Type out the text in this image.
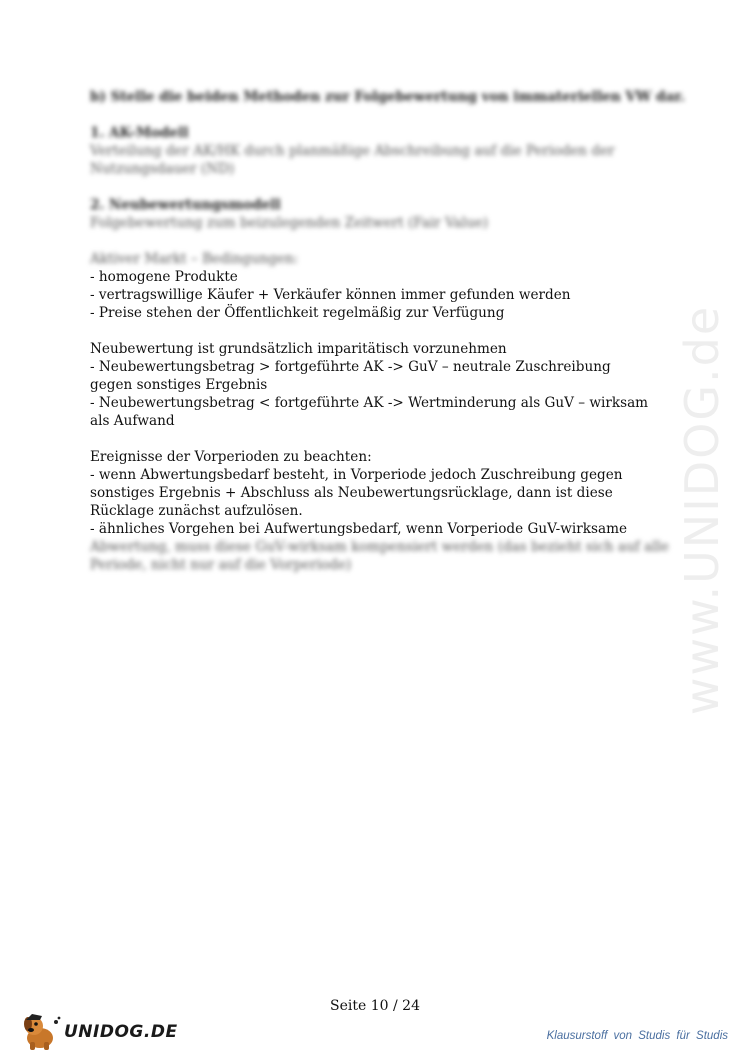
b) Stelle die beiden Methoden zur Folgebewertung von immateriellen VW dar.
1. AK-Modell
Verteilung der AK/HK durch planmäßige Abschreibung auf die Perioden der
Nutzungsdauer (ND)
2. Neubewertungsmodell
Folgebewertung zum beizulegenden Zeitwert (Fair Value)
Aktiver Markt – Bedingungen:
- homogene Produkte
- vertragswillige Käufer + Verkäufer können immer gefunden werden
- Preise stehen der Öffentlichkeit regelmäßig zur Verfügung
Neubewertung ist grundsätzlich imparitätisch vorzunehmen
- Neubewertungsbetrag > fortgeführte AK -> GuV – neutrale Zuschreibung gegen sonstiges Ergebnis
- Neubewertungsbetrag < fortgeführte AK -> Wertminderung als GuV – wirksam als Aufwand
Ereignisse der Vorperioden zu beachten:
- wenn Abwertungsbedarf besteht, in Vorperiode jedoch Zuschreibung gegen sonstiges Ergebnis + Abschluss als Neubewertungsrücklage, dann ist diese Rücklage zunächst aufzulösen.
- ähnliches Vorgehen bei Aufwertungsbedarf, wenn Vorperiode GuV-wirksame
Abwertung, muss diese GuV-wirksam kompensiert werden (das bezieht sich auf alle
Periode, nicht nur auf die Vorperiode)	www.UNIDOG.de
Seite 10 / 24
UNIDOG.DE	Klausurstoff von Studis für Studis
